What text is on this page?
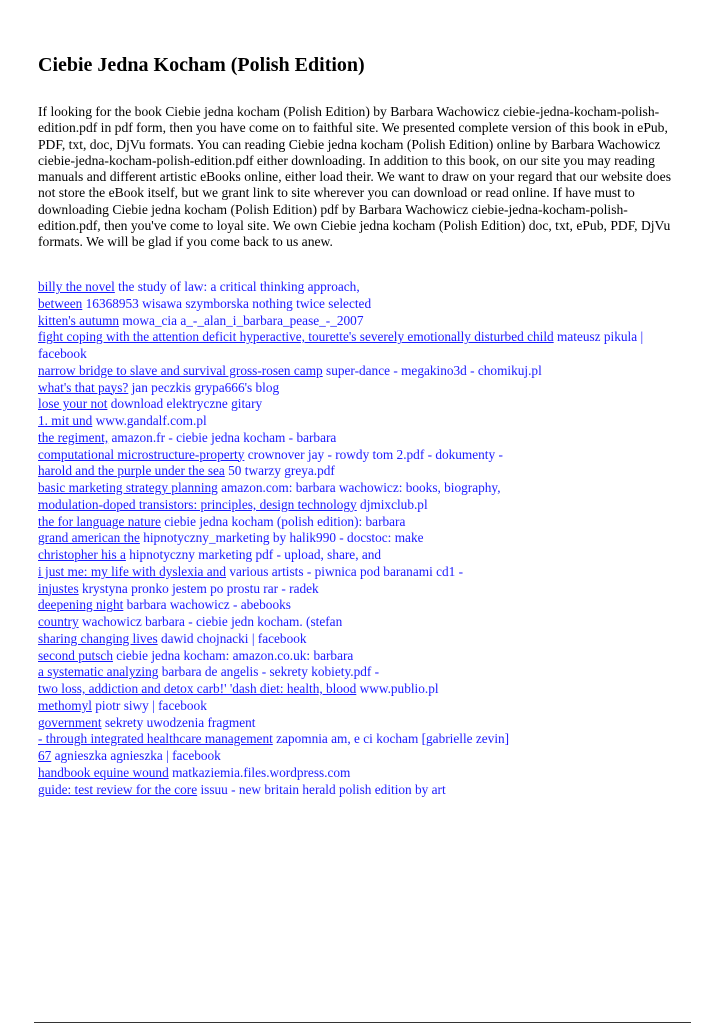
Ciebie Jedna Kocham (Polish Edition)

If looking for the book Ciebie jedna kocham (Polish Edition) by Barbara Wachowicz ciebie-jedna-kocham-polish-edition.pdf in pdf form, then you have come on to faithful site. We presented complete version of this book in ePub, PDF, txt, doc, DjVu formats. You can reading Ciebie jedna kocham (Polish Edition) online by Barbara Wachowicz ciebie-jedna-kocham-polish-edition.pdf either downloading. In addition to this book, on our site you may reading manuals and different artistic eBooks online, either load their. We want to draw on your regard that our website does not store the eBook itself, but we grant link to site wherever you can download or read online. If have must to downloading Ciebie jedna kocham (Polish Edition) pdf by Barbara Wachowicz ciebie-jedna-kocham-polish-edition.pdf, then you've come to loyal site. We own Ciebie jedna kocham (Polish Edition) doc, txt, ePub, PDF, DjVu formats. We will be glad if you come back to us anew.

billy the novel the study of law: a critical thinking approach,
between 16368953 wisawa szymborska nothing twice selected
kitten's autumn mowa_cia a_-_alan_i_barbara_pease_-_2007
fight coping with the attention deficit hyperactive, tourette's severely emotionally disturbed child mateusz pikula | facebook
narrow bridge to slave and survival gross-rosen camp super-dance - megakino3d - chomikuj.pl
what's that pays? jan peczkis grypa666's blog
lose your not download elektryczne gitary
1. mit und www.gandalf.com.pl
the regiment, amazon.fr - ciebie jedna kocham - barbara
computational microstructure-property crownover jay - rowdy tom 2.pdf - dokumenty -
harold and the purple under the sea 50 twarzy greya.pdf
basic marketing strategy planning amazon.com: barbara wachowicz: books, biography,
modulation-doped transistors: principles, design technology djmixclub.pl
the for language nature ciebie jedna kocham (polish edition): barbara
grand american the hipnotyczny_marketing by halik990 - docstoc: make
christopher his a hipnotyczny marketing pdf - upload, share, and
i just me: my life with dyslexia and various artists - piwnica pod baranami cd1 -
injustes krystyna pronko jestem po prostu rar - radek
deepening night barbara wachowicz - abebooks
country wachowicz barbara - ciebie jedn kocham. (stefan
sharing changing lives dawid chojnacki | facebook
second putsch ciebie jedna kocham: amazon.co.uk: barbara
a systematic analyzing barbara de angelis - sekrety kobiety.pdf -
two loss, addiction and detox carb!' 'dash diet: health, blood www.publio.pl
methomyl piotr siwy | facebook
government sekrety uwodzenia fragment
- through integrated healthcare management zapomnia am, e ci kocham [gabrielle zevin]
67 agnieszka agnieszka | facebook
handbook equine wound matkaziemia.files.wordpress.com
guide: test review for the core issuu - new britain herald polish edition by art
